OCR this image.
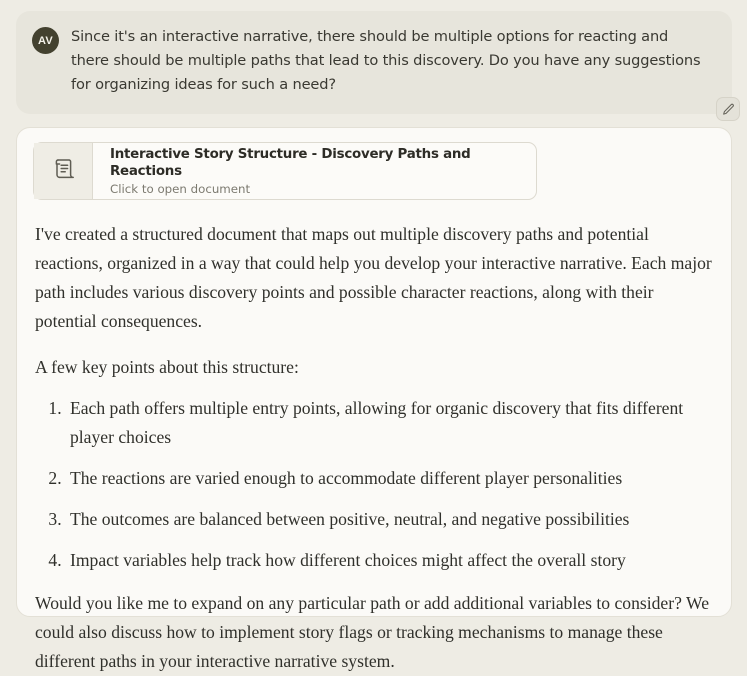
AV	Since it's an interactive narrative, there should be multiple options for reacting and there should be multiple paths that lead to this discovery. Do you have any suggestions for organizing ideas for such a need?
Interactive Story Structure - Discovery Paths and Reactions
Click to open document

I've created a structured document that maps out multiple discovery paths and potential reactions, organized in a way that could help you develop your interactive narrative. Each major path includes various discovery points and possible character reactions, along with their potential consequences.

A few key points about this structure:

1. Each path offers multiple entry points, allowing for organic discovery that fits different player choices
2. The reactions are varied enough to accommodate different player personalities
3. The outcomes are balanced between positive, neutral, and negative possibilities
4. Impact variables help track how different choices might affect the overall story

Would you like me to expand on any particular path or add additional variables to consider? We could also discuss how to implement story flags or tracking mechanisms to manage these different paths in your interactive narrative system.
